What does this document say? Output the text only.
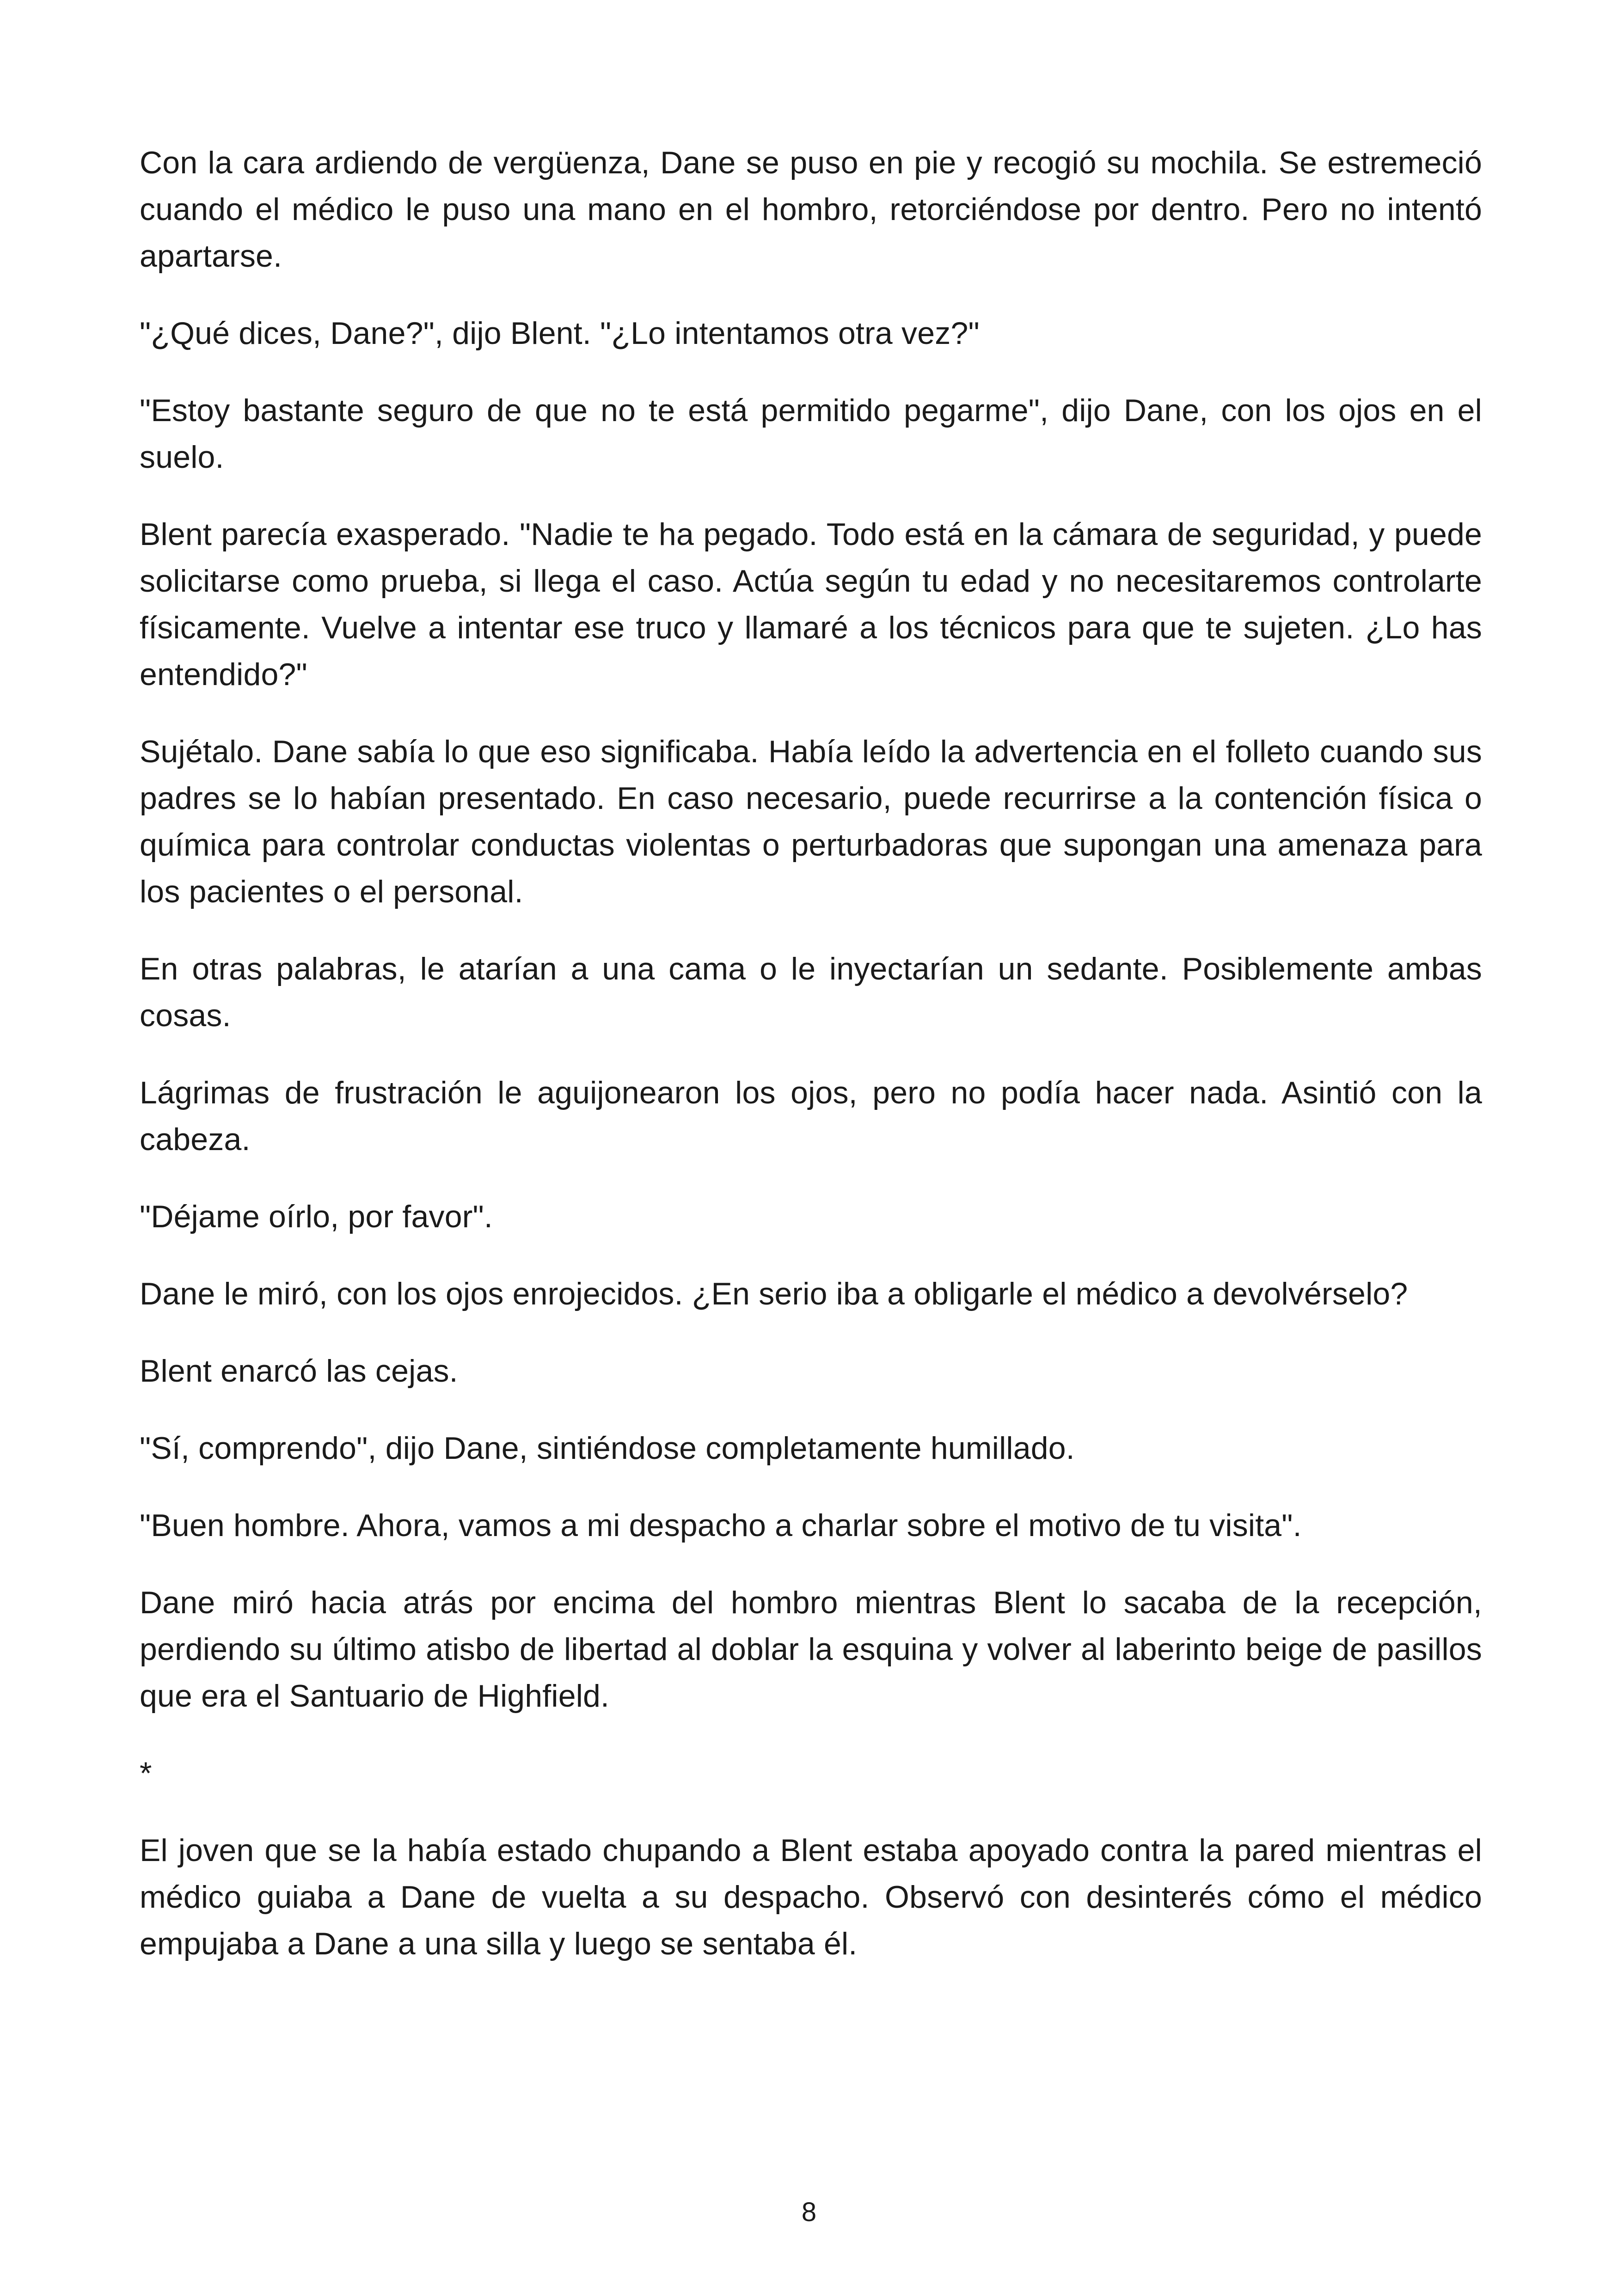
Con la cara ardiendo de vergüenza, Dane se puso en pie y recogió su mochila. Se estremeció cuando el médico le puso una mano en el hombro, retorciéndose por dentro. Pero no intentó apartarse.

"¿Qué dices, Dane?", dijo Blent. "¿Lo intentamos otra vez?"

"Estoy bastante seguro de que no te está permitido pegarme", dijo Dane, con los ojos en el suelo.

Blent parecía exasperado. "Nadie te ha pegado. Todo está en la cámara de seguridad, y puede solicitarse como prueba, si llega el caso. Actúa según tu edad y no necesitaremos controlarte físicamente. Vuelve a intentar ese truco y llamaré a los técnicos para que te sujeten. ¿Lo has entendido?"

Sujétalo. Dane sabía lo que eso significaba. Había leído la advertencia en el folleto cuando sus padres se lo habían presentado. En caso necesario, puede recurrirse a la contención física o química para controlar conductas violentas o perturbadoras que supongan una amenaza para los pacientes o el personal.

En otras palabras, le atarían a una cama o le inyectarían un sedante. Posiblemente ambas cosas.

Lágrimas de frustración le aguijonearon los ojos, pero no podía hacer nada. Asintió con la cabeza.

"Déjame oírlo, por favor".

Dane le miró, con los ojos enrojecidos. ¿En serio iba a obligarle el médico a devolvérselo?

Blent enarcó las cejas.

"Sí, comprendo", dijo Dane, sintiéndose completamente humillado.

"Buen hombre. Ahora, vamos a mi despacho a charlar sobre el motivo de tu visita".

Dane miró hacia atrás por encima del hombro mientras Blent lo sacaba de la recepción, perdiendo su último atisbo de libertad al doblar la esquina y volver al laberinto beige de pasillos que era el Santuario de Highfield.

*

El joven que se la había estado chupando a Blent estaba apoyado contra la pared mientras el médico guiaba a Dane de vuelta a su despacho. Observó con desinterés cómo el médico empujaba a Dane a una silla y luego se sentaba él.

8
